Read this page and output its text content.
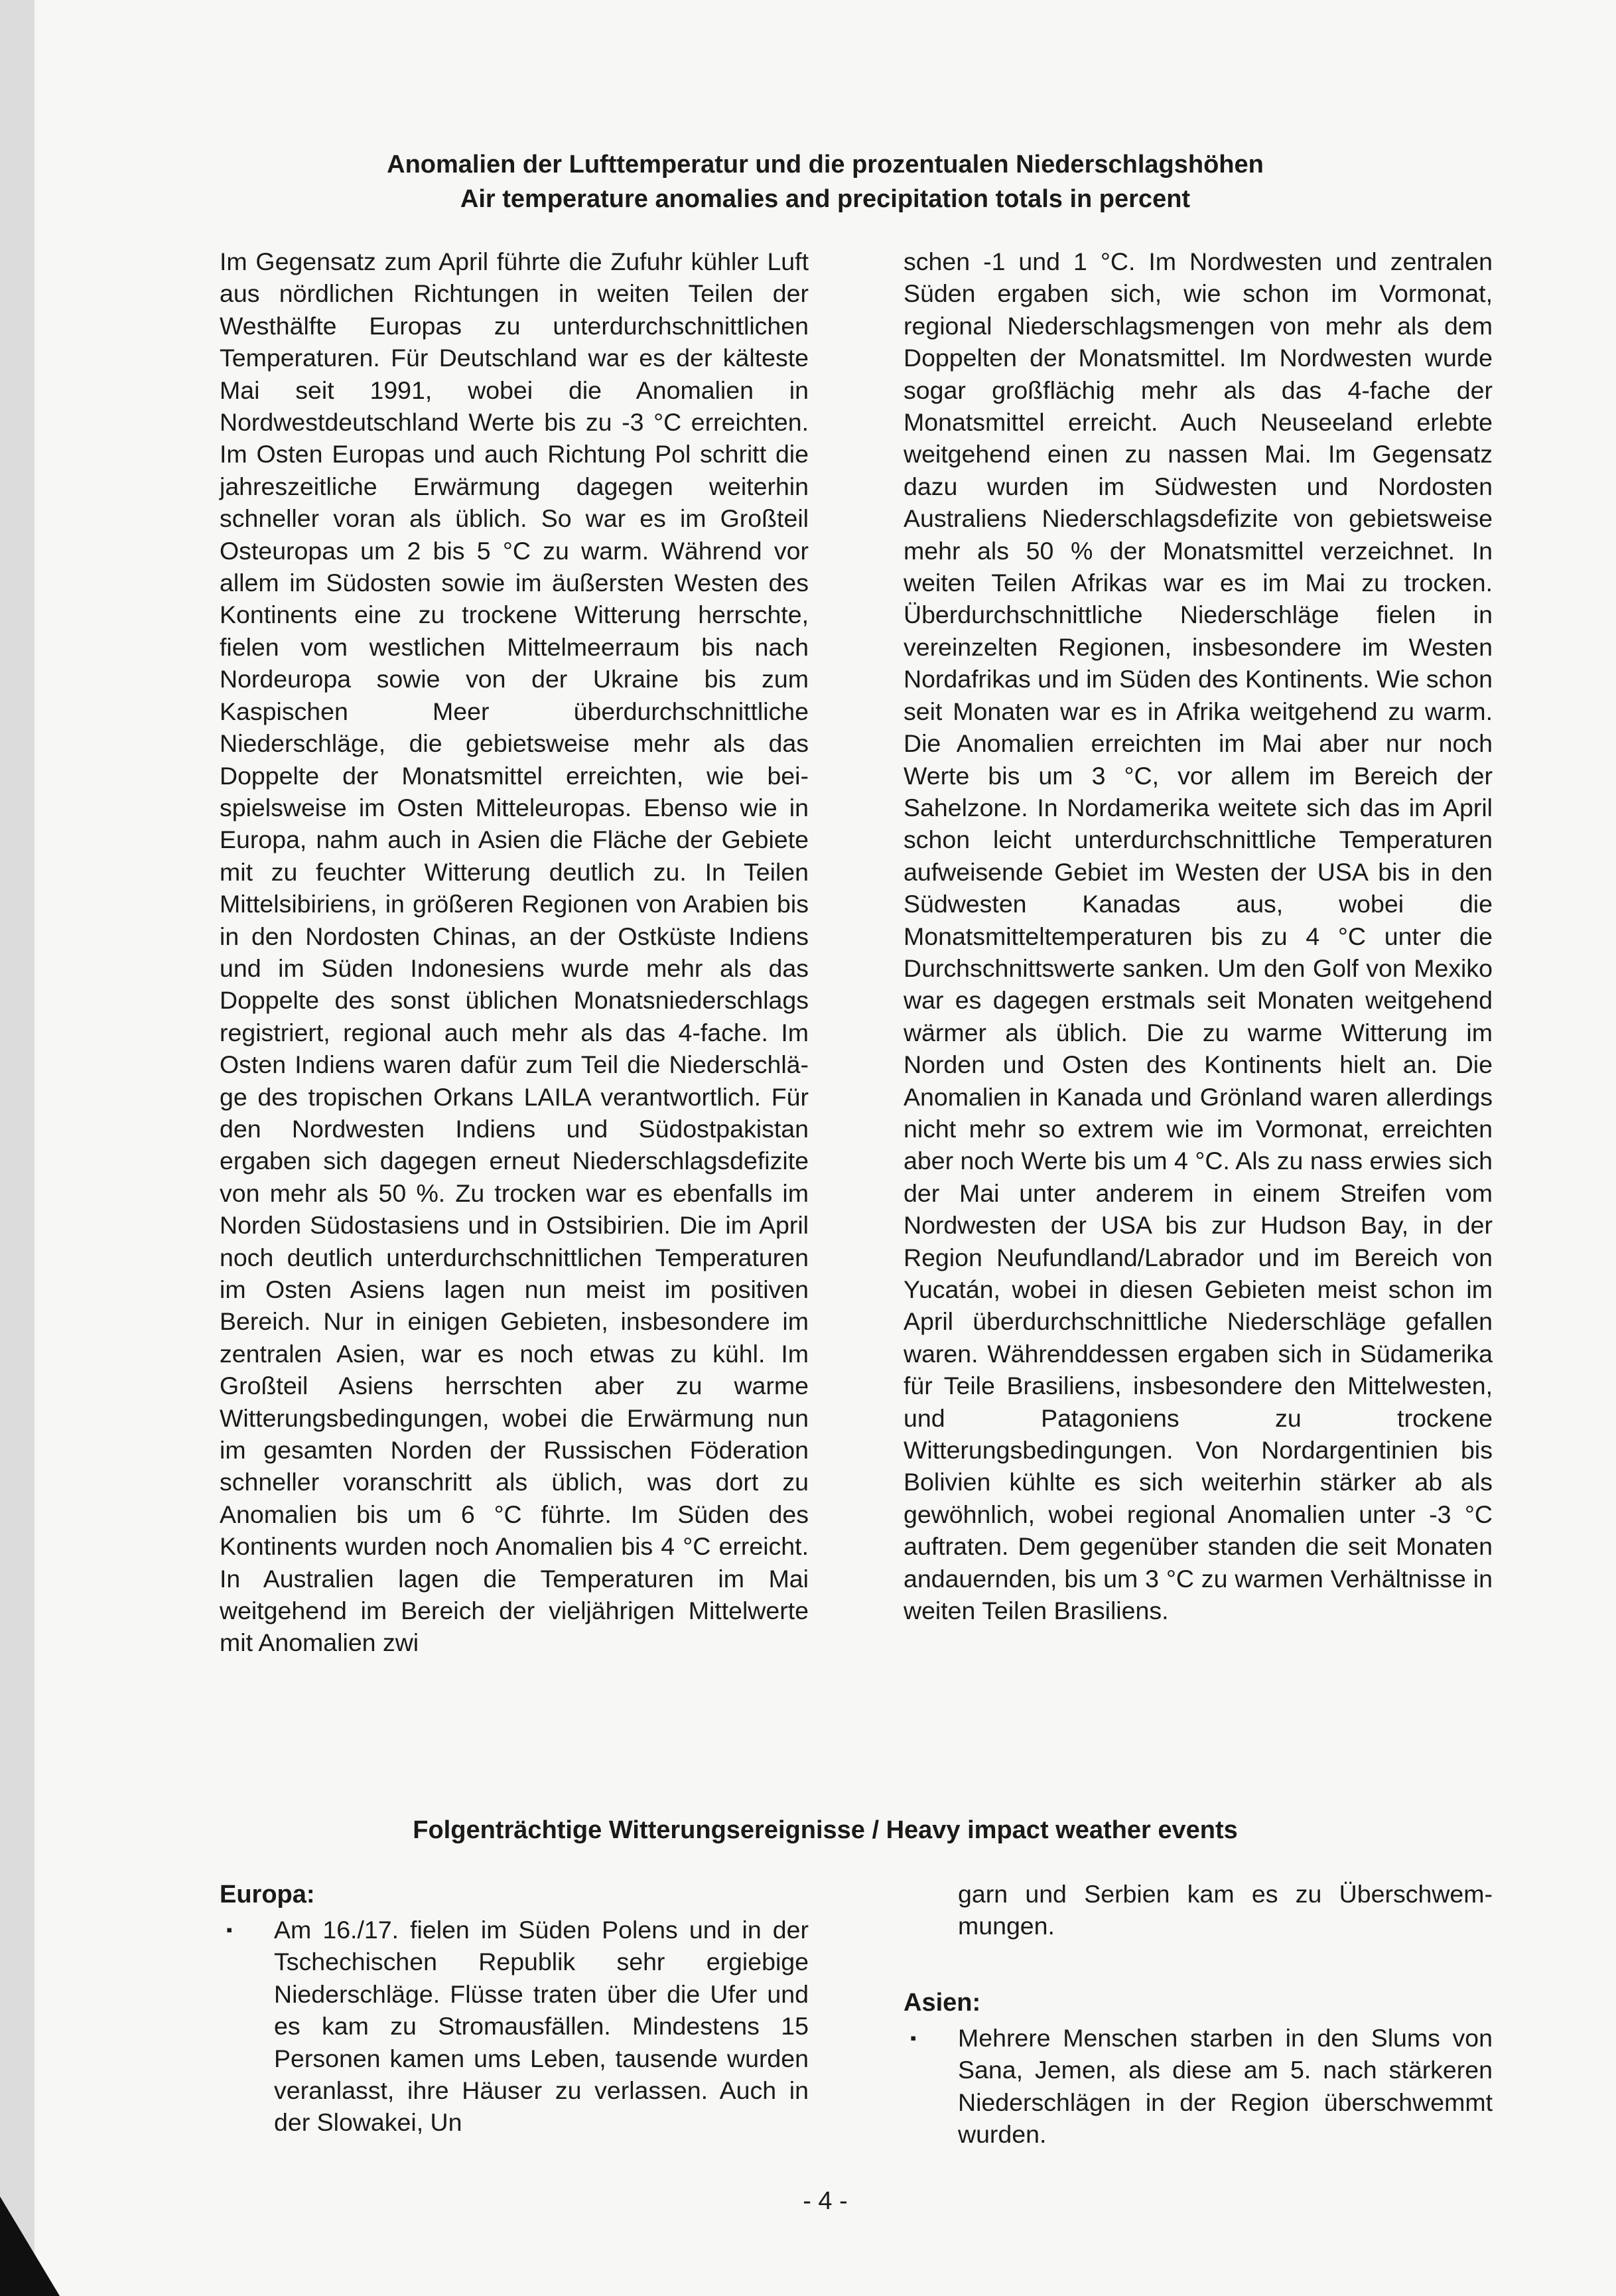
Anomalien der Lufttemperatur und die prozentualen Niederschlagshöhen
Air temperature anomalies and precipitation totals in percent
Im Gegensatz zum April führte die Zufuhr kühler Luft aus nördlichen Richtungen in weiten Teilen der Westhälfte Europas zu unterdurchschnittlichen Temperaturen. Für Deutschland war es der kälteste Mai seit 1991, wobei die Anomalien in Nordwestdeutschland Werte bis zu -3 °C erreichten. Im Osten Europas und auch Richtung Pol schritt die jahreszeitliche Erwärmung dagegen weiterhin schneller voran als üblich. So war es im Großteil Osteuropas um 2 bis 5 °C zu warm. Während vor allem im Südosten sowie im äußersten Westen des Kontinents eine zu trockene Witterung herrschte, fielen vom westlichen Mittelmeerraum bis nach Nordeuropa sowie von der Ukraine bis zum Kaspischen Meer überdurchschnittliche Niederschläge, die gebietsweise mehr als das Doppelte der Monatsmittel erreichten, wie beispielsweise im Osten Mitteleuropas. Ebenso wie in Europa, nahm auch in Asien die Fläche der Gebiete mit zu feuchter Witterung deutlich zu. In Teilen Mittelsibiriens, in größeren Regionen von Arabien bis in den Nordosten Chinas, an der Ostküste Indiens und im Süden Indonesiens wurde mehr als das Doppelte des sonst üblichen Monatsniederschlags registriert, regional auch mehr als das 4-fache. Im Osten Indiens waren dafür zum Teil die Niederschläge des tropischen Orkans LAILA verantwortlich. Für den Nordwesten Indiens und Südostpakistan ergaben sich dagegen erneut Niederschlagsdefizite von mehr als 50 %. Zu trocken war es ebenfalls im Norden Südostasiens und in Ostsibirien. Die im April noch deutlich unterdurchschnittlichen Temperaturen im Osten Asiens lagen nun meist im positiven Bereich. Nur in einigen Gebieten, insbesondere im zentralen Asien, war es noch etwas zu kühl. Im Großteil Asiens herrschten aber zu warme Witterungsbedingungen, wobei die Erwärmung nun im gesamten Norden der Russischen Föderation schneller voranschritt als üblich, was dort zu Anomalien bis um 6 °C führte. Im Süden des Kontinents wurden noch Anomalien bis 4 °C erreicht. In Australien lagen die Temperaturen im Mai weitgehend im Bereich der vieljährigen Mittelwerte mit Anomalien zwi
schen -1 und 1 °C. Im Nordwesten und zentralen Süden ergaben sich, wie schon im Vormonat, regional Niederschlagsmengen von mehr als dem Doppelten der Monatsmittel. Im Nordwesten wurde sogar großflächig mehr als das 4-fache der Monatsmittel erreicht. Auch Neuseeland erlebte weitgehend einen zu nassen Mai. Im Gegensatz dazu wurden im Südwesten und Nordosten Australiens Niederschlagsdefizite von gebietsweise mehr als 50 % der Monatsmittel verzeichnet. In weiten Teilen Afrikas war es im Mai zu trocken. Überdurchschnittliche Niederschläge fielen in vereinzelten Regionen, insbesondere im Westen Nordafrikas und im Süden des Kontinents. Wie schon seit Monaten war es in Afrika weitgehend zu warm. Die Anomalien erreichten im Mai aber nur noch Werte bis um 3 °C, vor allem im Bereich der Sahelzone. In Nordamerika weitete sich das im April schon leicht unterdurchschnittliche Temperaturen aufweisende Gebiet im Westen der USA bis in den Südwesten Kanadas aus, wobei die Monatsmitteltemperaturen bis zu 4 °C unter die Durchschnittswerte sanken. Um den Golf von Mexiko war es dagegen erstmals seit Monaten weitgehend wärmer als üblich. Die zu warme Witterung im Norden und Osten des Kontinents hielt an. Die Anomalien in Kanada und Grönland waren allerdings nicht mehr so extrem wie im Vormonat, erreichten aber noch Werte bis um 4 °C. Als zu nass erwies sich der Mai unter anderem in einem Streifen vom Nordwesten der USA bis zur Hudson Bay, in der Region Neufundland/Labrador und im Bereich von Yucatán, wobei in diesen Gebieten meist schon im April überdurchschnittliche Niederschläge gefallen waren. Währenddessen ergaben sich in Südamerika für Teile Brasiliens, insbesondere den Mittelwesten, und Patagoniens zu trockene Witterungsbedingungen. Von Nordargentinien bis Bolivien kühlte es sich weiterhin stärker ab als gewöhnlich, wobei regional Anomalien unter -3 °C auftraten. Dem gegenüber standen die seit Monaten andauernden, bis um 3 °C zu warmen Verhältnisse in weiten Teilen Brasiliens.
Folgenträchtige Witterungsereignisse / Heavy impact weather events
Europa:
▪ Am 16./17. fielen im Süden Polens und in der Tschechischen Republik sehr ergiebige Niederschläge. Flüsse traten über die Ufer und es kam zu Stromausfällen. Mindestens 15 Personen kamen ums Leben, tausende wurden veranlasst, ihre Häuser zu verlassen. Auch in der Slowakei, Un
garn und Serbien kam es zu Überschwemmungen.
Asien:
▪ Mehrere Menschen starben in den Slums von Sana, Jemen, als diese am 5. nach stärkeren Niederschlägen in der Region überschwemmt wurden.
- 4 -
